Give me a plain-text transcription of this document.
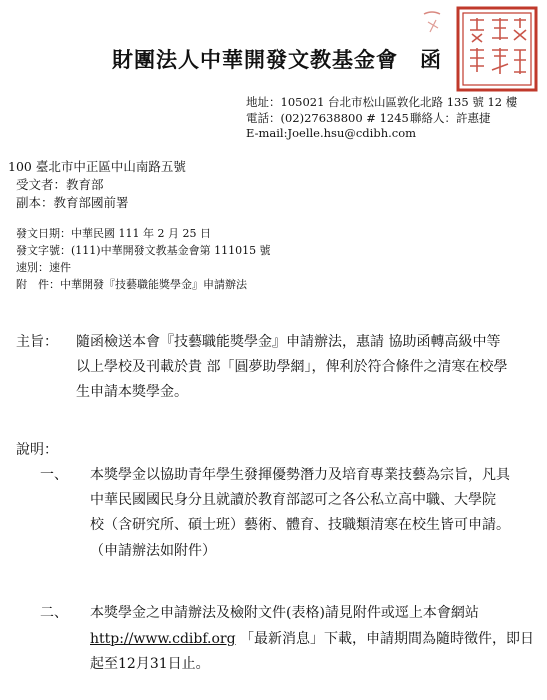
財團法人中華開發文教基金會　函
地址：105021 台北市松山區敦化北路 135 號 12 樓
電話：(02)27638800 # 1245 聯絡人：許惠捷
E-mail:Joelle.hsu@cdibh.com
100 臺北市中正區中山南路五號
受文者：教育部
副本：教育部國前署
發文日期：中華民國 111 年 2 月 25 日
發文字號：(111)中華開發文教基金會第 111015 號
速別：速件
附　件：中華開發『技藝職能獎學金』申請辦法
主旨： 隨函檢送本會『技藝職能獎學金』申請辦法，惠請 協助函轉高級中等
以上學校及刊載於貴 部「圓夢助學網」，俾利於符合條件之清寒在校學
生申請本獎學金。
說明：
一、 本獎學金以協助青年學生發揮優勢潛力及培育專業技藝為宗旨，凡具
中華民國國民身分且就讀於教育部認可之各公私立高中職、大學院
校（含研究所、碩士班）藝術、體育、技職類清寒在校生皆可申請。
（申請辦法如附件）
二、 本獎學金之申請辦法及檢附文件(表格)請見附件或逕上本會網站
http://www.cdibf.org 「最新消息」下載，申請期間為隨時徵件，即日
起至12月31日止。
